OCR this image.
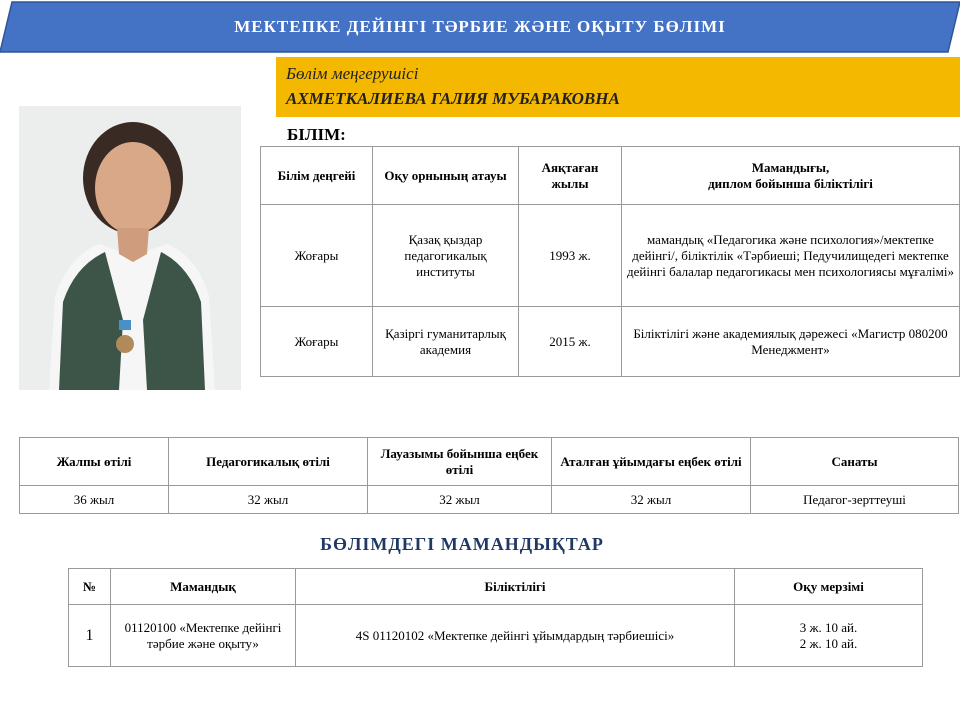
МЕКТЕПКЕ ДЕЙІНГІ ТӘРБИЕ ЖӘНЕ ОҚЫТУ БӨЛІМІ
Бөлім меңгерушісі
АХМЕТКАЛИЕВА ГАЛИЯ МУБАРАКОВНА
БІЛІМ:
Білім деңгейі	Оқу орнының атауы	Аяқтаған жылы	Мамандығы,
диплом бойынша біліктілігі
Жоғары	Қазақ қыздар педагогикалық институты	1993 ж.	мамандық «Педагогика және психология»/мектепке дейінгі/, біліктілік «Тәрбиеші; Педучилищедегі мектепке дейінгі балалар педагогикасы мен психологиясы мұғалімі»
Жоғары	Қазіргі гуманитарлық академия	2015 ж.	Біліктілігі және академиялық дәрежесі «Магистр 080200 Менеджмент»
Жалпы өтілі	Педагогикалық өтілі	Лауазымы бойынша еңбек өтілі	Аталған ұйымдағы еңбек өтілі	Санаты
36 жыл	32 жыл	32 жыл	32 жыл	Педагог-зерттеуші
БӨЛІМДЕГІ МАМАНДЫҚТАР
№	Мамандық	Біліктілігі	Оқу мерзімі
1	01120100 «Мектепке дейінгі тәрбие және оқыту»	4S 01120102 «Мектепке дейінгі ұйымдардың тәрбиешісі»	3 ж. 10 ай.
2 ж. 10 ай.
